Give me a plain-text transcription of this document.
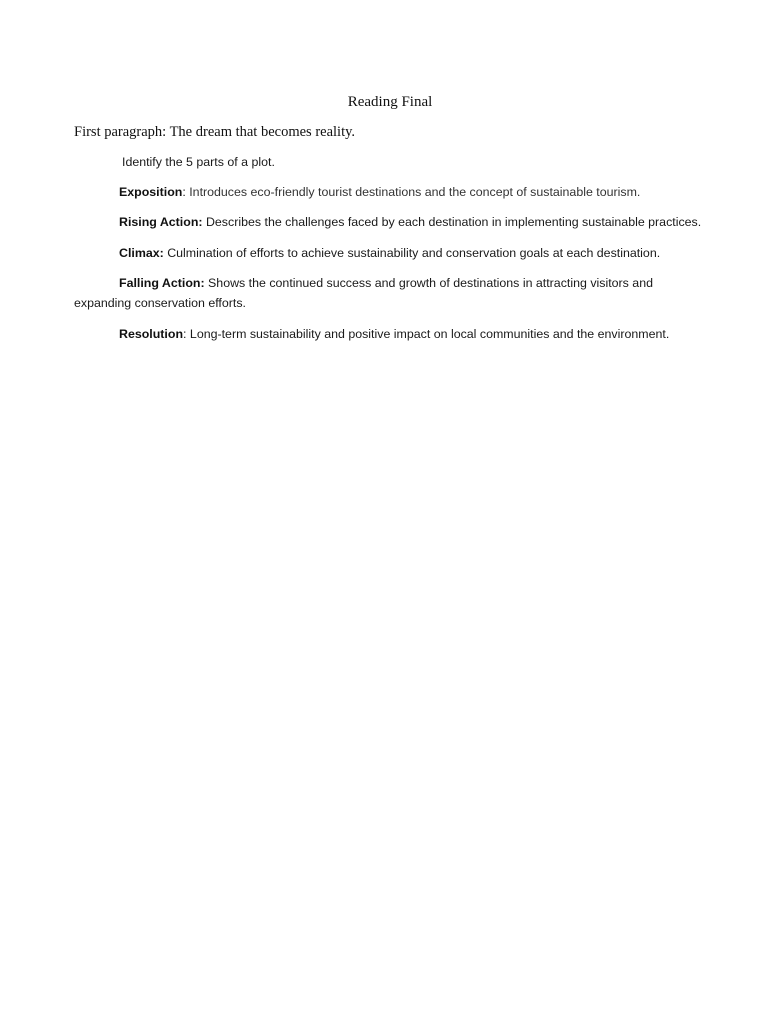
Reading Final
First paragraph: The dream that becomes reality.
Identify the 5 parts of a plot.
Exposition: Introduces eco-friendly tourist destinations and the concept of sustainable tourism.
Rising Action: Describes the challenges faced by each destination in implementing sustainable practices.
Climax: Culmination of efforts to achieve sustainability and conservation goals at each destination.
Falling Action: Shows the continued success and growth of destinations in attracting visitors and expanding conservation efforts.
Resolution: Long-term sustainability and positive impact on local communities and the environment.
